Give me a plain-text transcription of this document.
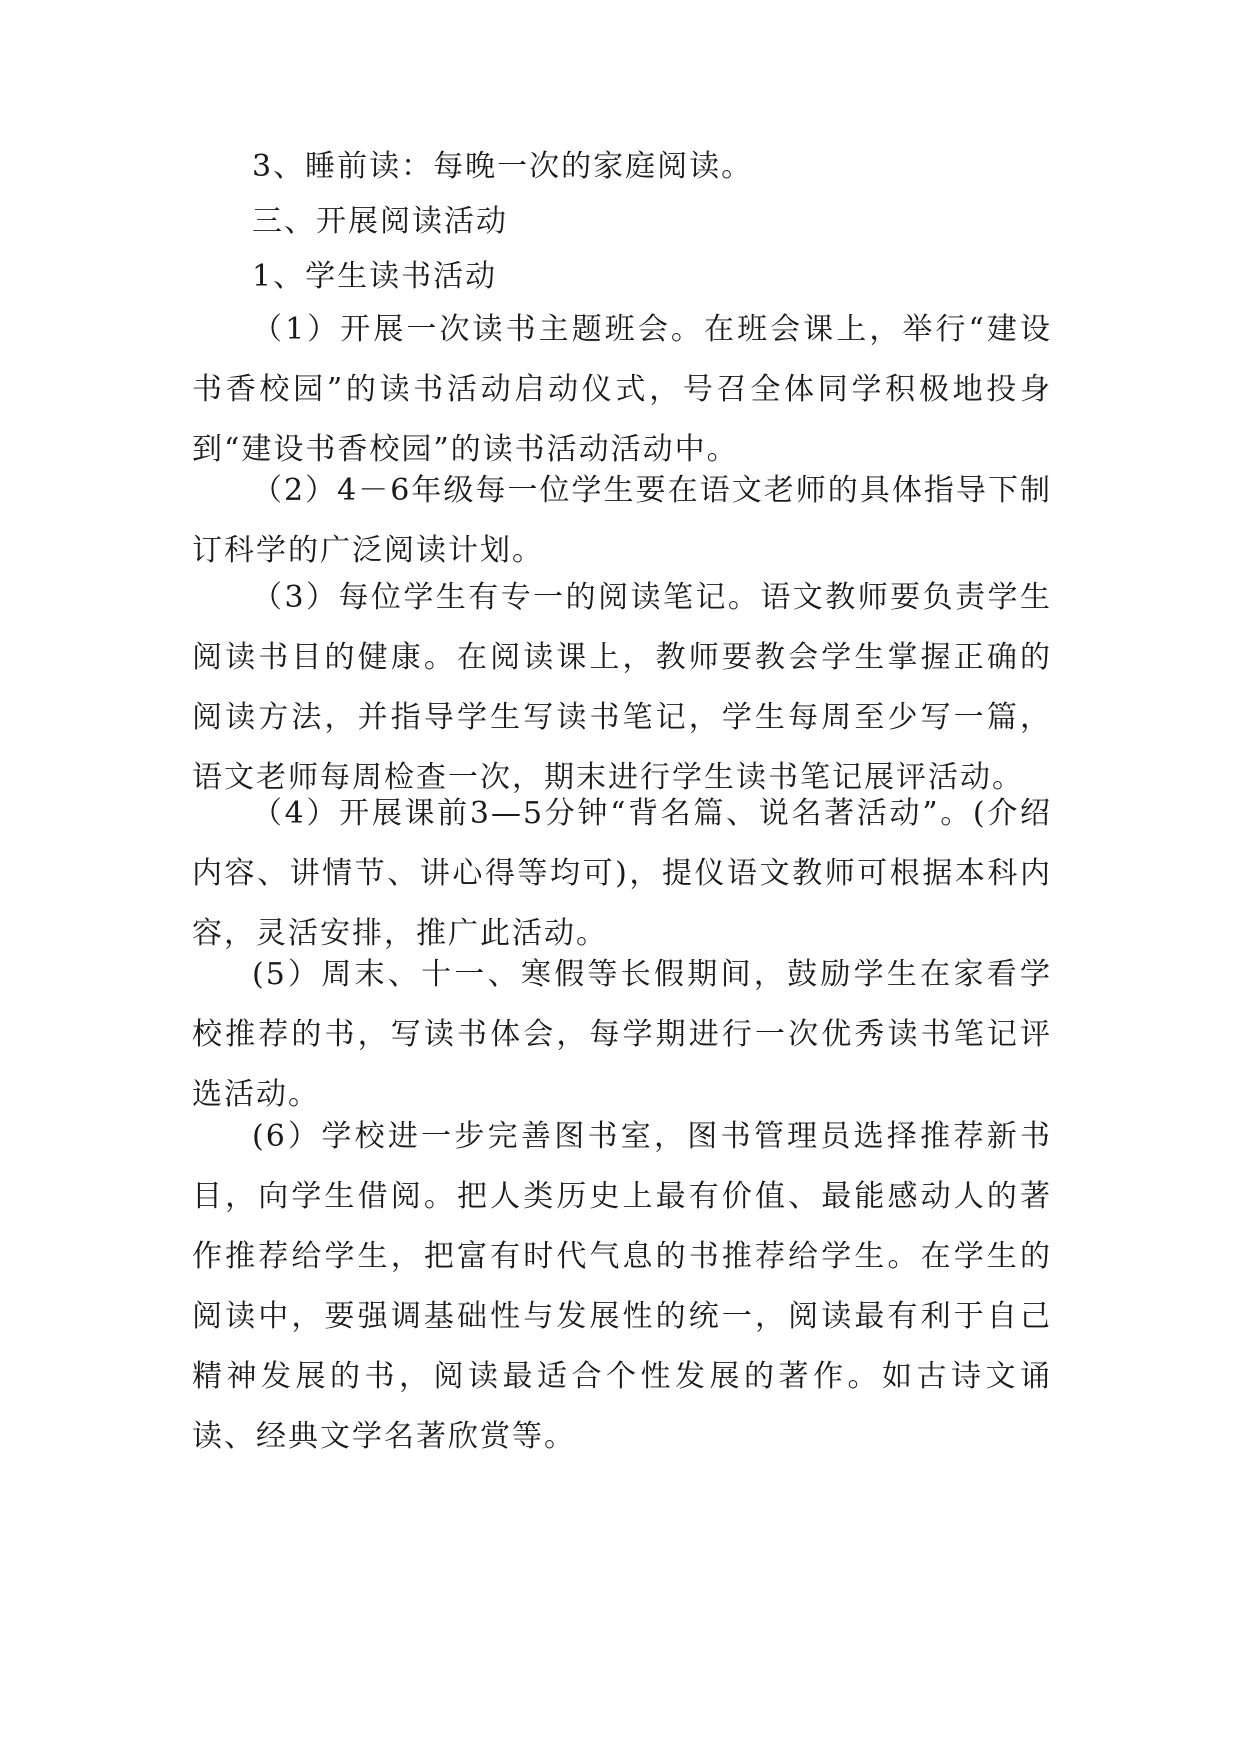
3、睡前读：每晚一次的家庭阅读。

三、开展阅读活动

1、学生读书活动

（1）开展一次读书主题班会。在班会课上，举行“建设书香校园”的读书活动启动仪式，号召全体同学积极地投身到“建设书香校园”的读书活动活动中。

（2）4－6年级每一位学生要在语文老师的具体指导下制订科学的广泛阅读计划。

（3）每位学生有专一的阅读笔记。语文教师要负责学生阅读书目的健康。在阅读课上，教师要教会学生掌握正确的阅读方法，并指导学生写读书笔记，学生每周至少写一篇，语文老师每周检查一次，期末进行学生读书笔记展评活动。

（4）开展课前3—5分钟“背名篇、说名著活动”。(介绍内容、讲情节、讲心得等均可)，提仪语文教师可根据本科内容，灵活安排，推广此活动。

(5）周末、十一、寒假等长假期间，鼓励学生在家看学校推荐的书，写读书体会，每学期进行一次优秀读书笔记评选活动。

(6）学校进一步完善图书室，图书管理员选择推荐新书目，向学生借阅。把人类历史上最有价值、最能感动人的著作推荐给学生，把富有时代气息的书推荐给学生。在学生的阅读中，要强调基础性与发展性的统一，阅读最有利于自己精神发展的书，阅读最适合个性发展的著作。如古诗文诵读、经典文学名著欣赏等。
